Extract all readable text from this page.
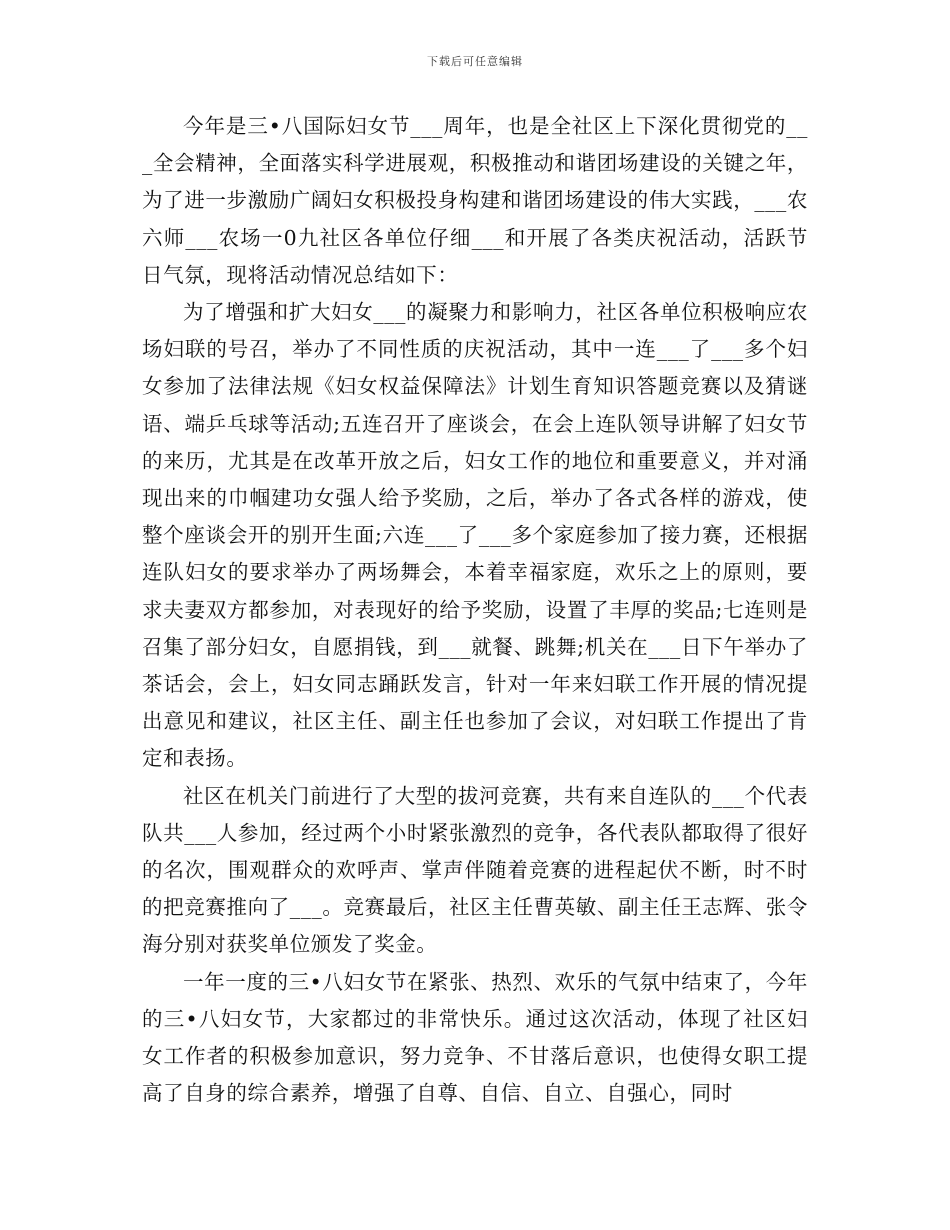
下载后可任意编辑

今年是三•八国际妇女节___周年，也是全社区上下深化贯彻党的___全会精神，全面落实科学进展观，积极推动和谐团场建设的关键之年，为了进一步激励广阔妇女积极投身构建和谐团场建设的伟大实践，___农六师___农场一0九社区各单位仔细___和开展了各类庆祝活动，活跃节日气氛，现将活动情况总结如下：

为了增强和扩大妇女___的凝聚力和影响力，社区各单位积极响应农场妇联的号召，举办了不同性质的庆祝活动，其中一连___了___多个妇女参加了法律法规《妇女权益保障法》计划生育知识答题竞赛以及猜谜语、端乒乓球等活动;五连召开了座谈会，在会上连队领导讲解了妇女节的来历，尤其是在改革开放之后，妇女工作的地位和重要意义，并对涌现出来的巾帼建功女强人给予奖励，之后，举办了各式各样的游戏，使整个座谈会开的别开生面;六连___了___多个家庭参加了接力赛，还根据连队妇女的要求举办了两场舞会，本着幸福家庭，欢乐之上的原则，要求夫妻双方都参加，对表现好的给予奖励，设置了丰厚的奖品;七连则是召集了部分妇女，自愿捐钱，到___就餐、跳舞;机关在___日下午举办了茶话会，会上，妇女同志踊跃发言，针对一年来妇联工作开展的情况提出意见和建议，社区主任、副主任也参加了会议，对妇联工作提出了肯定和表扬。

社区在机关门前进行了大型的拔河竞赛，共有来自连队的___个代表队共___人参加，经过两个小时紧张激烈的竞争，各代表队都取得了很好的名次，围观群众的欢呼声、掌声伴随着竞赛的进程起伏不断，时不时的把竞赛推向了___。竞赛最后，社区主任曹英敏、副主任王志辉、张令海分别对获奖单位颁发了奖金。

一年一度的三•八妇女节在紧张、热烈、欢乐的气氛中结束了，今年的三•八妇女节，大家都过的非常快乐。通过这次活动，体现了社区妇女工作者的积极参加意识，努力竞争、不甘落后意识，也使得女职工提高了自身的综合素养，增强了自尊、自信、自立、自强心，同时
